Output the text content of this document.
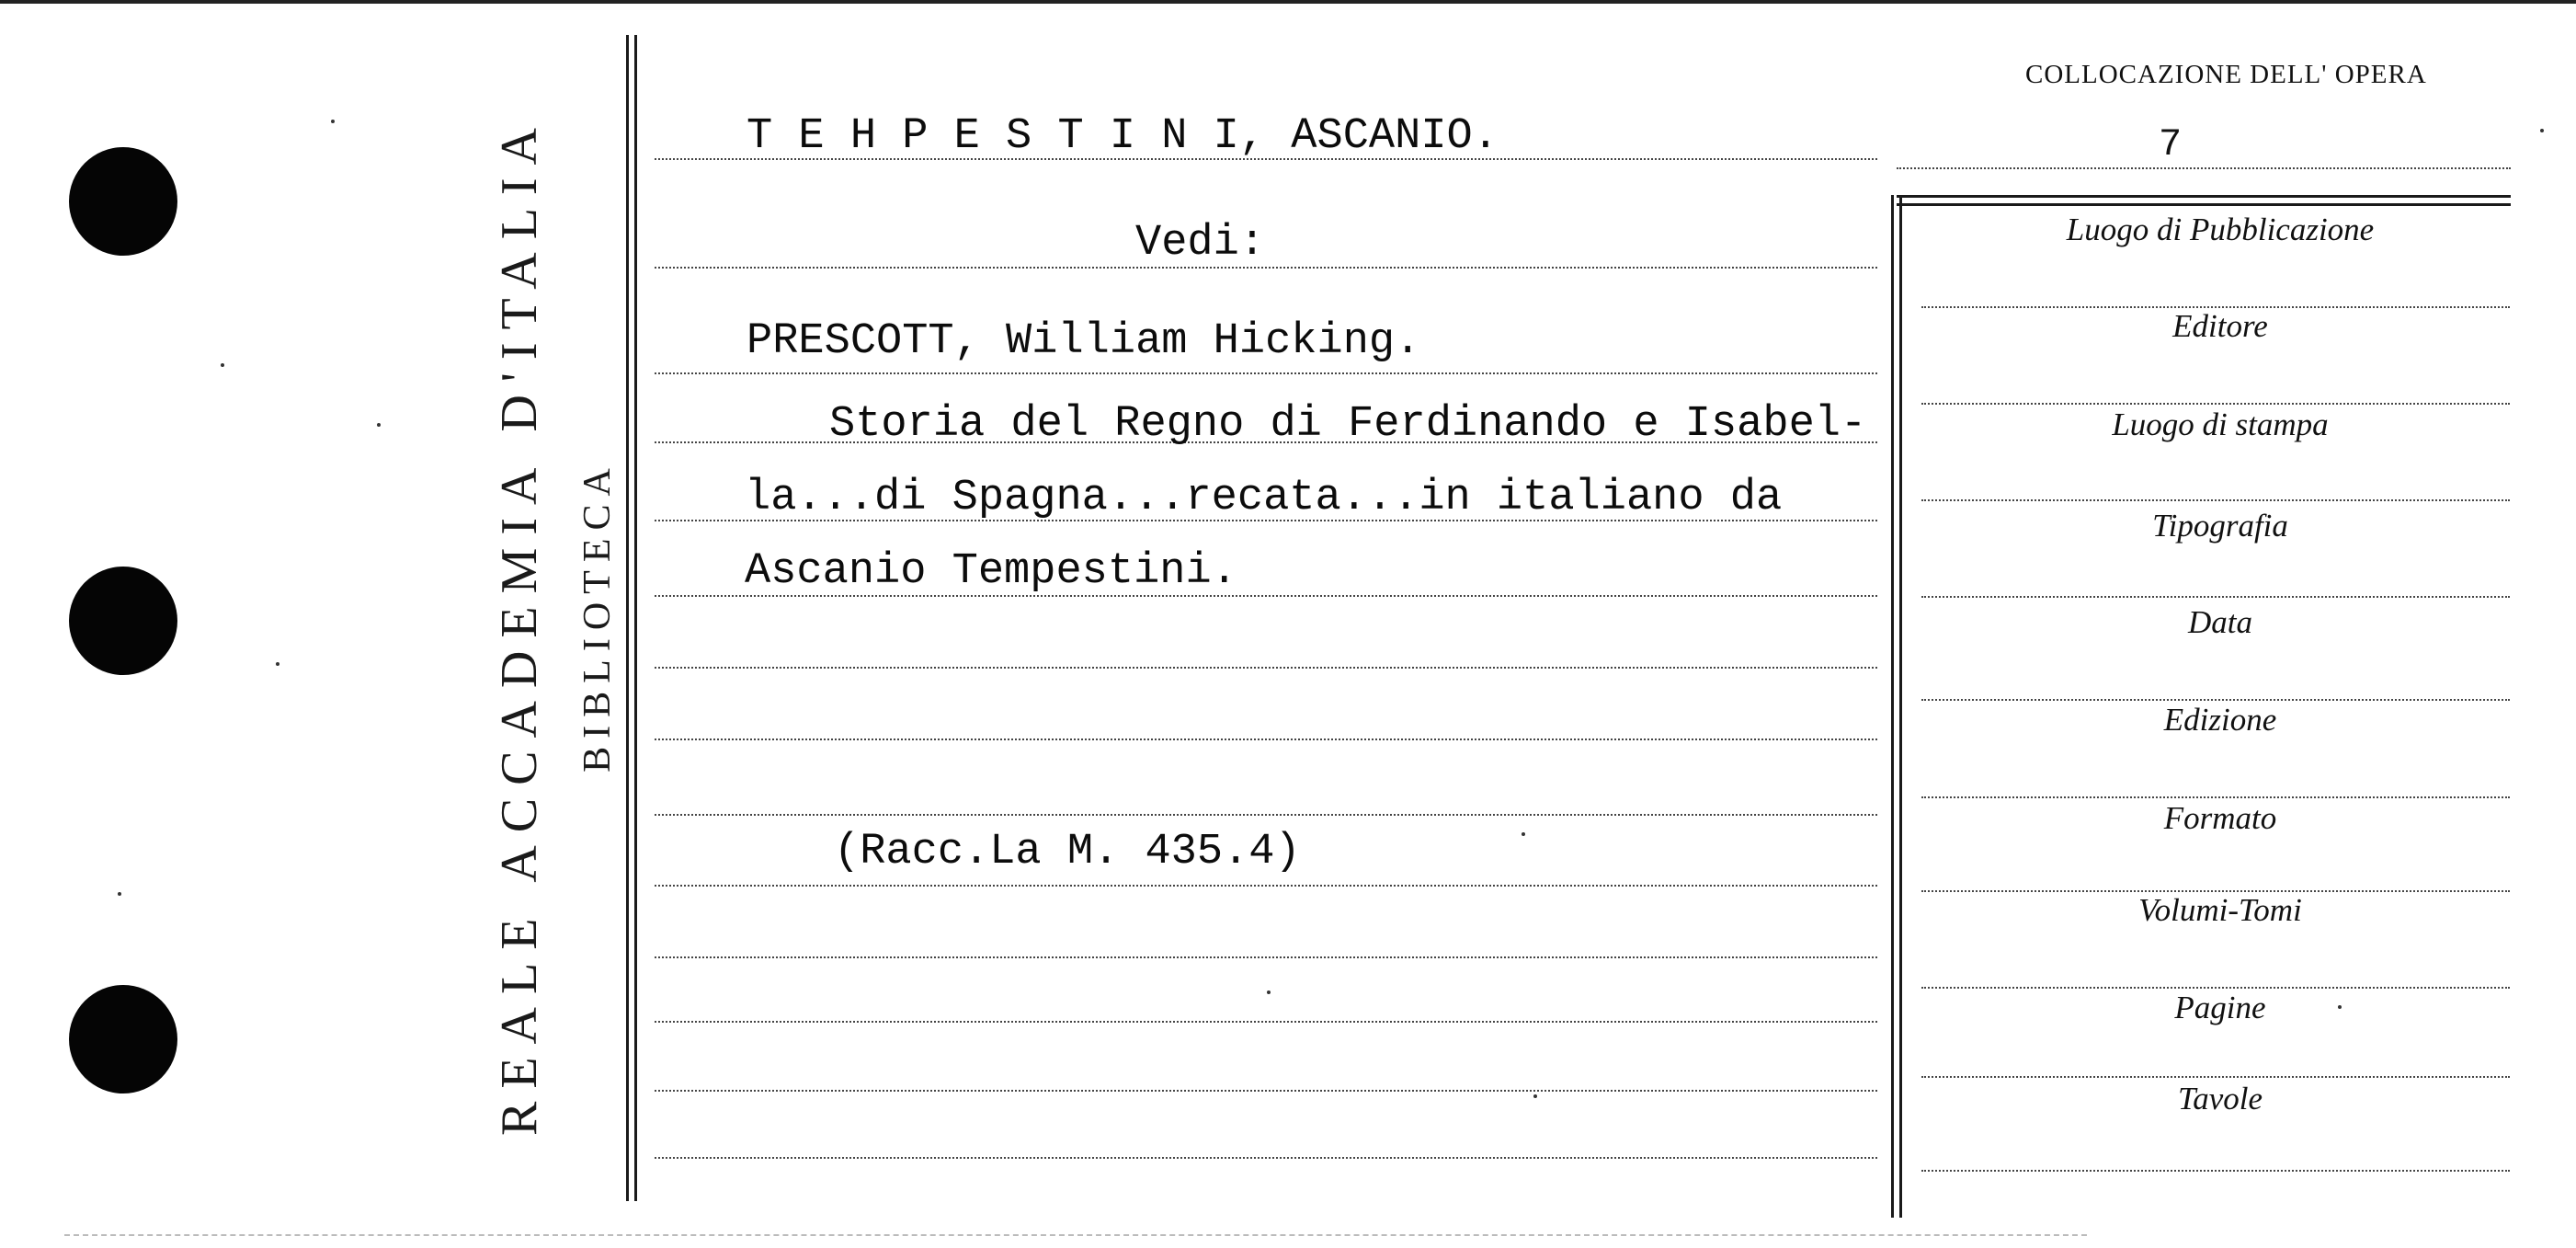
REALE ACCADEMIA D'ITALIA BIBLIOTECA
COLLOCAZIONE DELL' OPERA
7
T E H P E S T I N I, ASCANIO.
Vedi:
PRESCOTT, William Hicking.
Storia del Regno di Ferdinando e Isabel-
la...di Spagna...recata...in italiano da
Ascanio Tempestini.
(Racc.La M. 435.4)
Luogo di Pubblicazione
Editore
Luogo di stampa
Tipografia
Data
Edizione
Formato
Volumi-Tomi
Pagine
Tavole
